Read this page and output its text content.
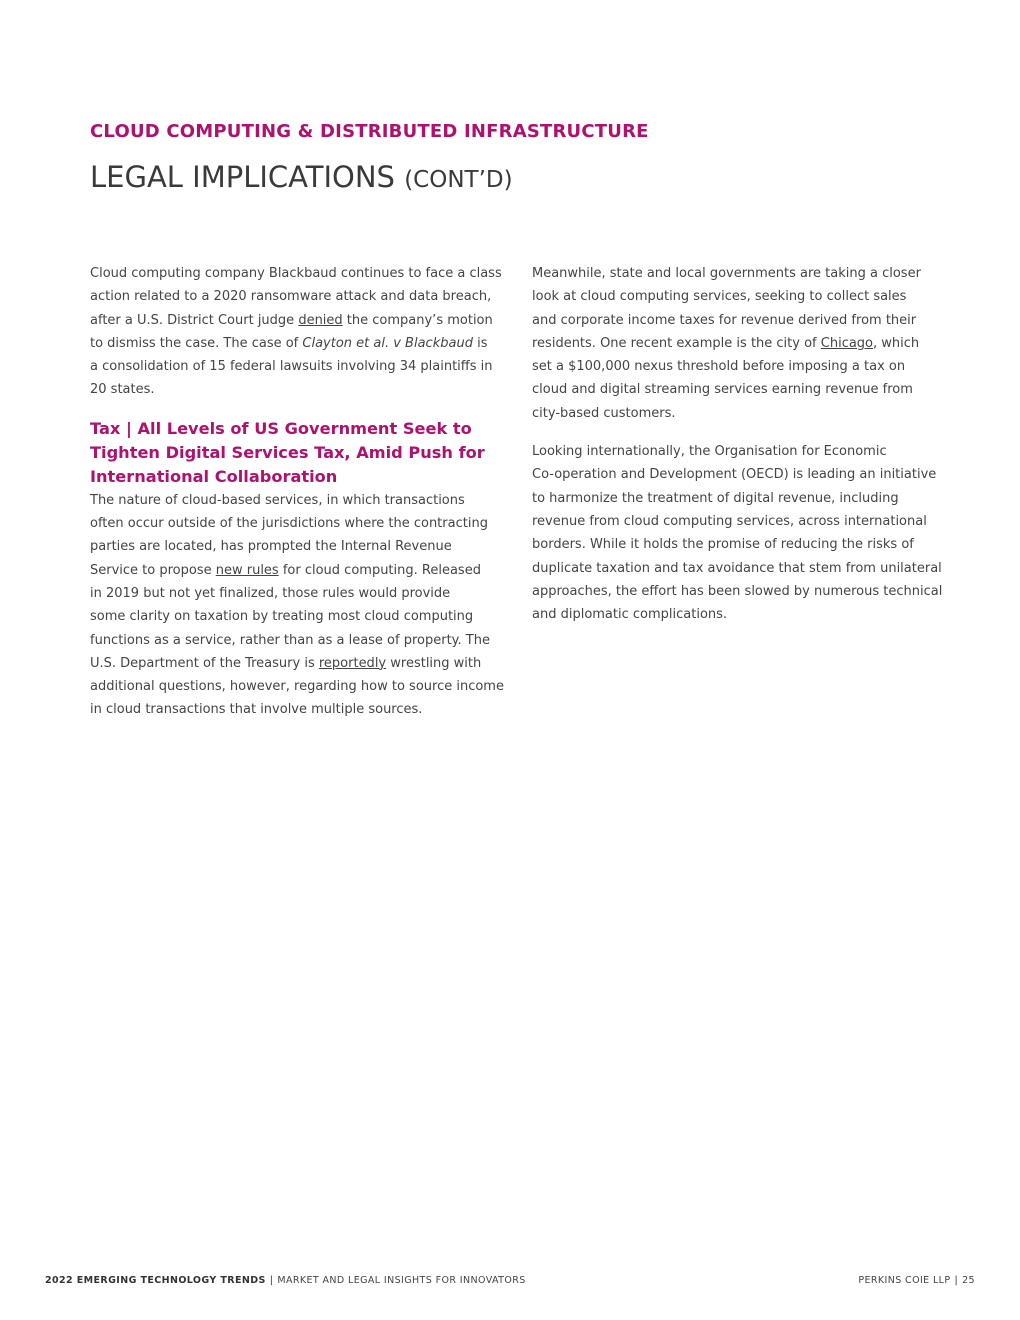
CLOUD COMPUTING & DISTRIBUTED INFRASTRUCTURE
LEGAL IMPLICATIONS (CONT’D)

Cloud computing company Blackbaud continues to face a class
action related to a 2020 ransomware attack and data breach,
after a U.S. District Court judge denied the company’s motion
to dismiss the case. The case of Clayton et al. v Blackbaud is
a consolidation of 15 federal lawsuits involving 34 plaintiffs in
20 states.

Tax | All Levels of US Government Seek to
Tighten Digital Services Tax, Amid Push for
International Collaboration

The nature of cloud-based services, in which transactions
often occur outside of the jurisdictions where the contracting
parties are located, has prompted the Internal Revenue
Service to propose new rules for cloud computing. Released
in 2019 but not yet finalized, those rules would provide
some clarity on taxation by treating most cloud computing
functions as a service, rather than as a lease of property. The
U.S. Department of the Treasury is reportedly wrestling with
additional questions, however, regarding how to source income
in cloud transactions that involve multiple sources.

Meanwhile, state and local governments are taking a closer
look at cloud computing services, seeking to collect sales
and corporate income taxes for revenue derived from their
residents. One recent example is the city of Chicago, which
set a $100,000 nexus threshold before imposing a tax on
cloud and digital streaming services earning revenue from
city-based customers.

Looking internationally, the Organisation for Economic
Co-operation and Development (OECD) is leading an initiative
to harmonize the treatment of digital revenue, including
revenue from cloud computing services, across international
borders. While it holds the promise of reducing the risks of
duplicate taxation and tax avoidance that stem from unilateral
approaches, the effort has been slowed by numerous technical
and diplomatic complications.

2022 EMERGING TECHNOLOGY TRENDS | MARKET AND LEGAL INSIGHTS FOR INNOVATORS	PERKINS COIE LLP | 25
